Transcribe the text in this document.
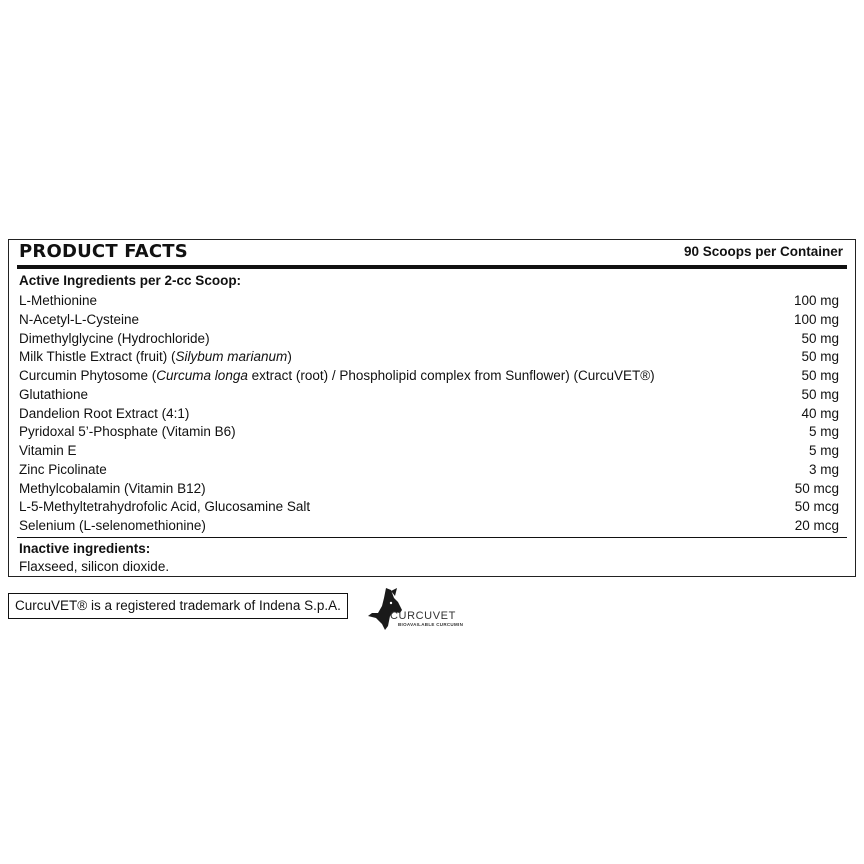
PRODUCT FACTS	90 Scoops per Container
Active Ingredients per 2-cc Scoop:
L-Methionine	100 mg
N-Acetyl-L-Cysteine	100 mg
Dimethylglycine (Hydrochloride)	50 mg
Milk Thistle Extract (fruit) (Silybum marianum)	50 mg
Curcumin Phytosome (Curcuma longa extract (root) / Phospholipid complex from Sunflower) (CurcuVET®)	50 mg
Glutathione	50 mg
Dandelion Root Extract (4:1)	40 mg
Pyridoxal 5’-Phosphate (Vitamin B6)	5 mg
Vitamin E	5 mg
Zinc Picolinate	3 mg
Methylcobalamin (Vitamin B12)	50 mcg
L-5-Methyltetrahydrofolic Acid, Glucosamine Salt	50 mcg
Selenium (L-selenomethionine)	20 mcg
Inactive ingredients:
Flaxseed, silicon dioxide.
CurcuVET® is a registered trademark of Indena S.p.A.
CURCUVET
BIOAVAILABLE CURCUMIN
